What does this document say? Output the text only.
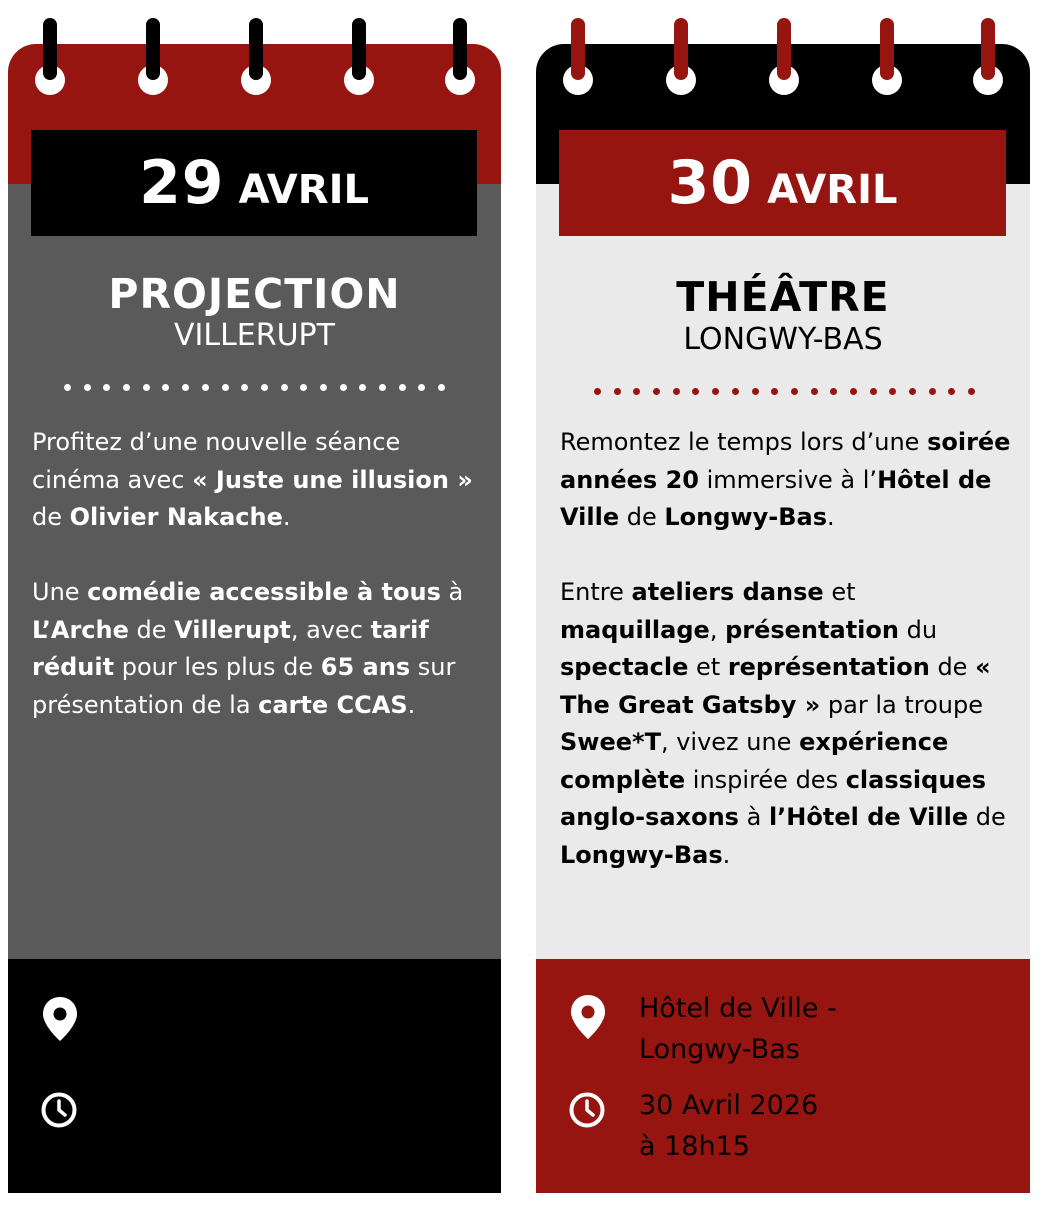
29 AVRIL
PROJECTION
VILLERUPT

Profitez d’une nouvelle séance cinéma avec « Juste une illusion » de Olivier Nakache.

Une comédie accessible à tous à L’Arche de Villerupt, avec tarif réduit pour les plus de 65 ans sur présentation de la carte CCAS.

L’Arche - Villerupt
29 Avril 2026
à 14h00
30 AVRIL
THÉÂTRE
LONGWY-BAS

Remontez le temps lors d’une soirée années 20 immersive à l’Hôtel de Ville de Longwy-Bas.

Entre ateliers danse et maquillage, présentation du spectacle et représentation de « The Great Gatsby » par la troupe Swee*T, vivez une expérience complète inspirée des classiques anglo-saxons à l’Hôtel de Ville de Longwy-Bas.

Hôtel de Ville -
Longwy-Bas
30 Avril 2026
à 18h15
